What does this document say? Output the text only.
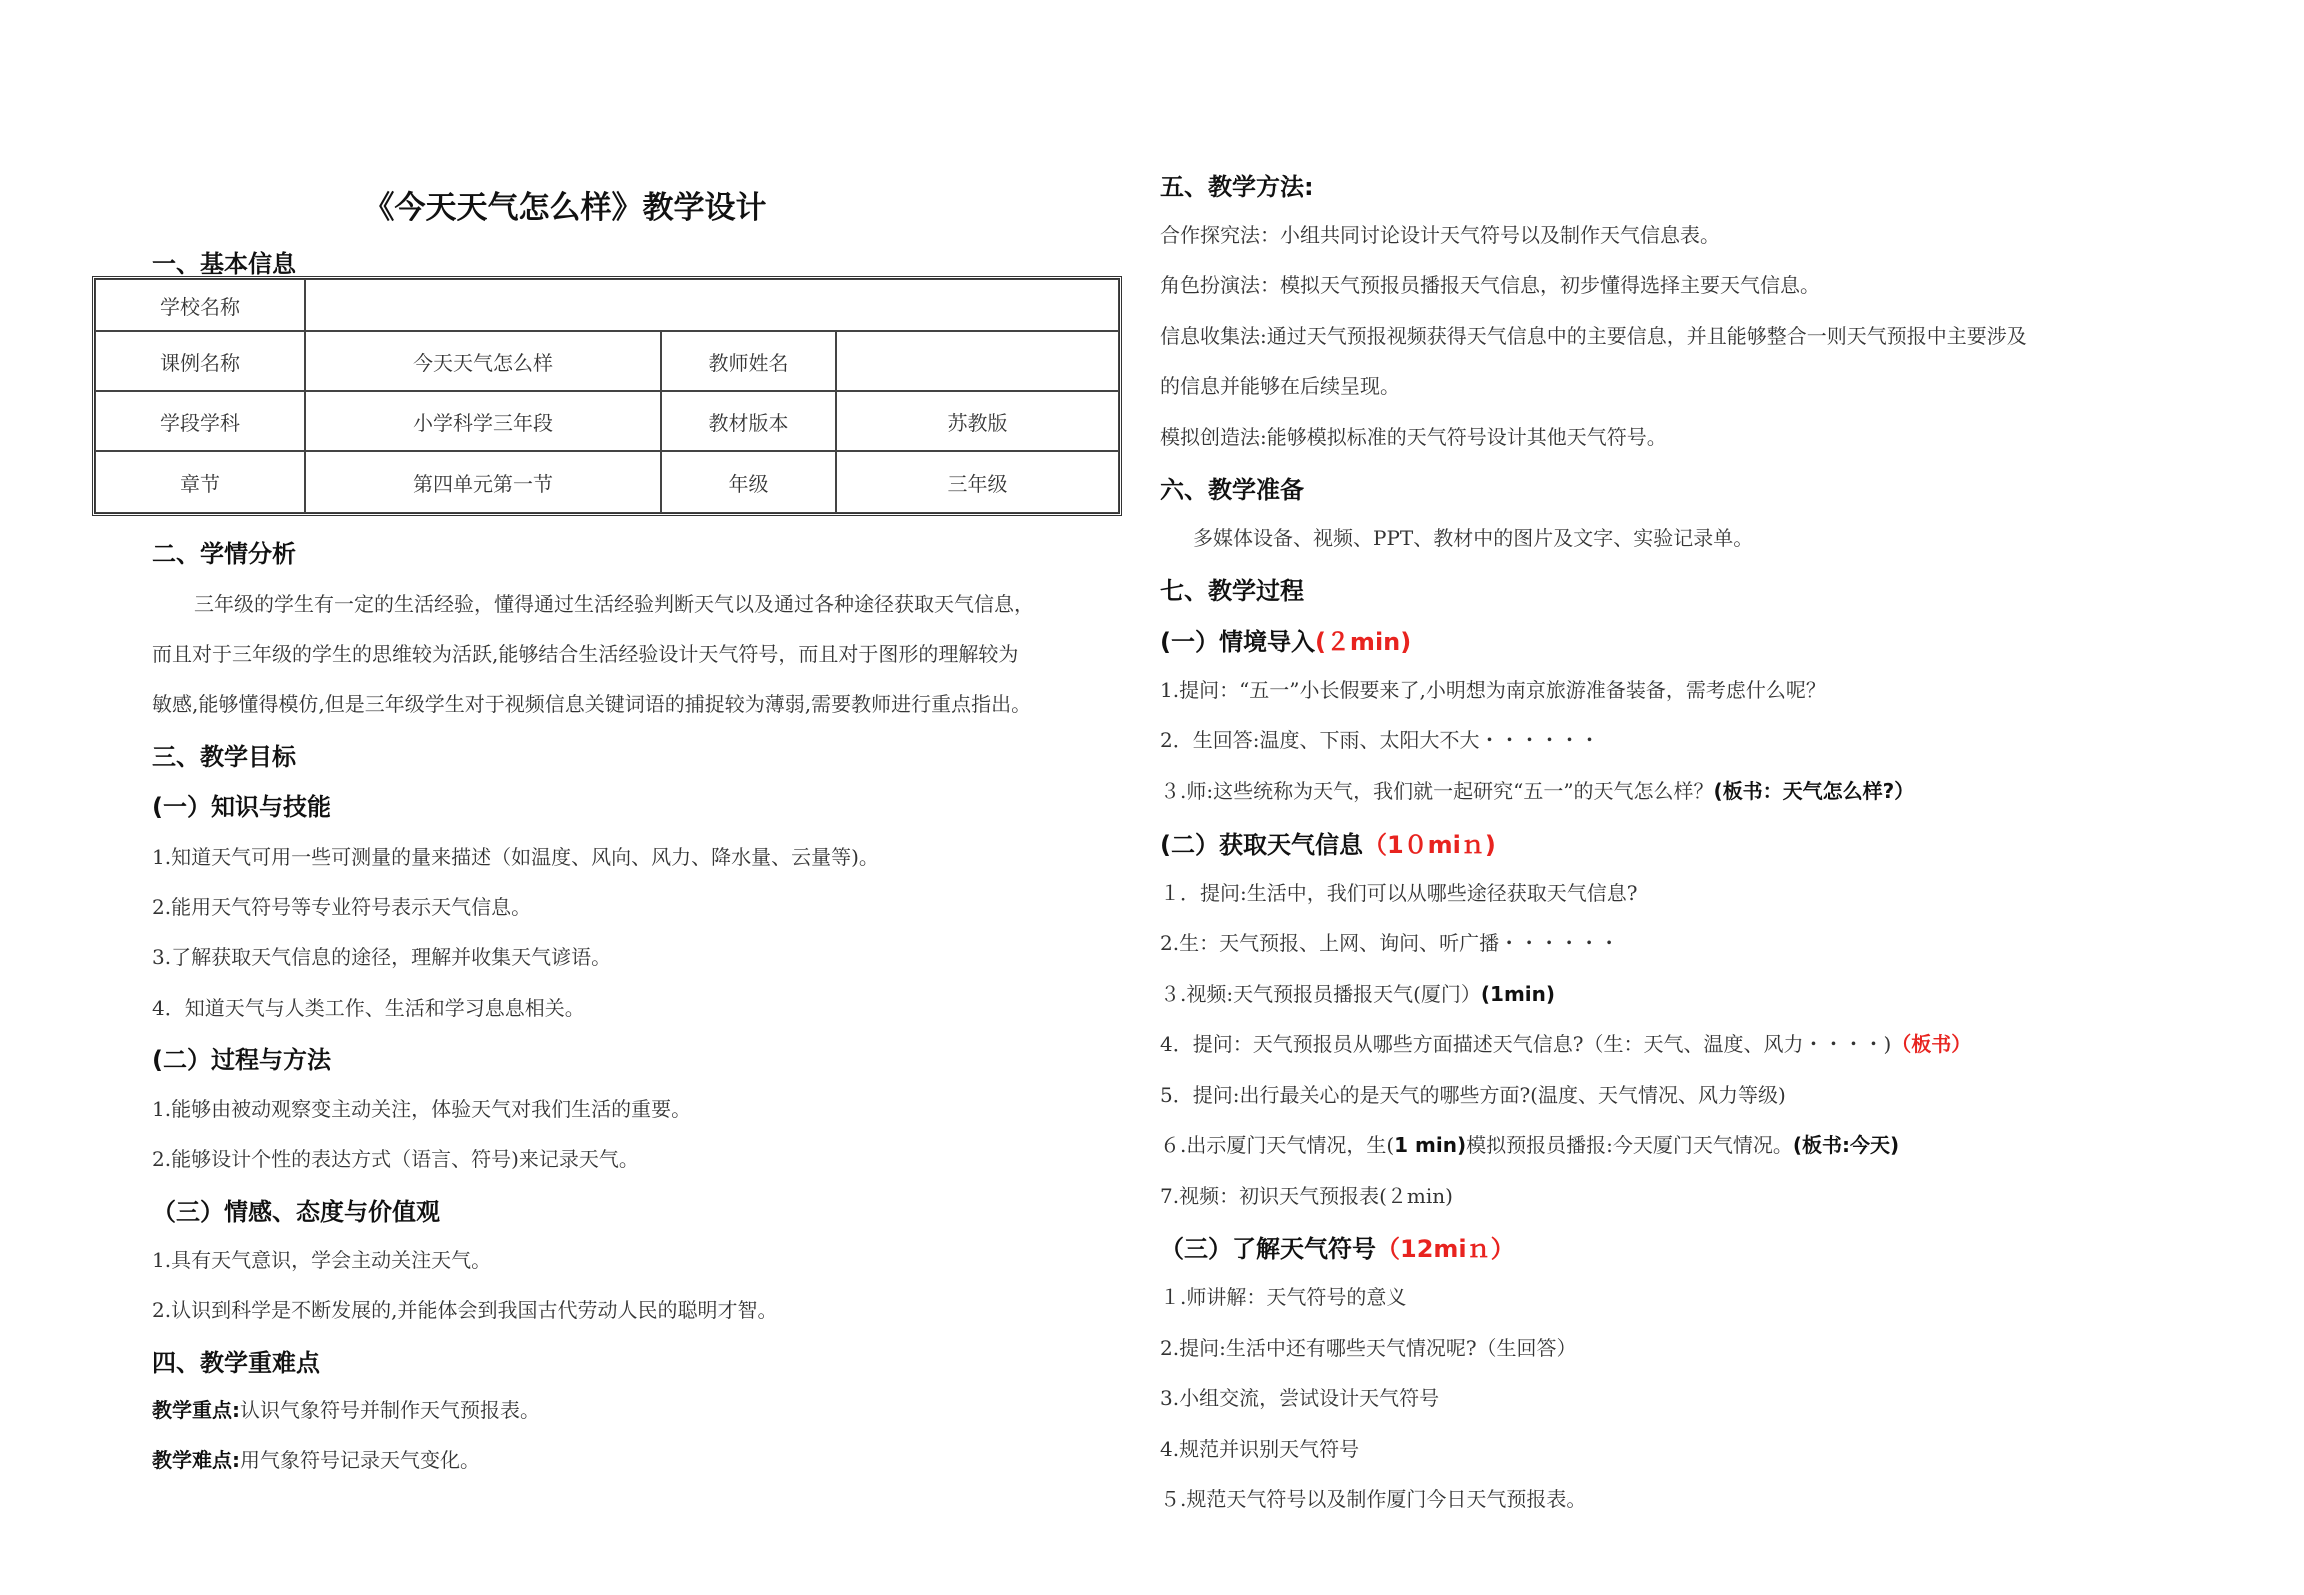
《今天天气怎么样》教学设计
一、基本信息
学校名称			
课例名称	今天天气怎么样	教师姓名	
学段学科	小学科学三年段	教材版本	苏教版
章节	第四单元第一节	年级	三年级
二、学情分析
三年级的学生有一定的生活经验，懂得通过生活经验判断天气以及通过各种途径获取天气信息，
而且对于三年级的学生的思维较为活跃,能够结合生活经验设计天气符号，而且对于图形的理解较为
敏感,能够懂得模仿,但是三年级学生对于视频信息关键词语的捕捉较为薄弱,需要教师进行重点指出。
三、教学目标
(一）知识与技能
1.知道天气可用一些可测量的量来描述（如温度、风向、风力、降水量、云量等)。
2.能用天气符号等专业符号表示天气信息。
3.了解获取天气信息的途径，理解并收集天气谚语。
4．知道天气与人类工作、生活和学习息息相关。
(二）过程与方法
1.能够由被动观察变主动关注，体验天气对我们生活的重要。
2.能够设计个性的表达方式（语言、符号)来记录天气。
（三）情感、态度与价值观
1.具有天气意识，学会主动关注天气。
2.认识到科学是不断发展的,并能体会到我国古代劳动人民的聪明才智。
四、教学重难点
教学重点:认识气象符号并制作天气预报表。
教学难点:用气象符号记录天气变化。
五、教学方法:
合作探究法：小组共同讨论设计天气符号以及制作天气信息表。
角色扮演法：模拟天气预报员播报天气信息，初步懂得选择主要天气信息。
信息收集法:通过天气预报视频获得天气信息中的主要信息，并且能够整合一则天气预报中主要涉及
的信息并能够在后续呈现。
模拟创造法:能够模拟标准的天气符号设计其他天气符号。
六、教学准备
多媒体设备、视频、PPT、教材中的图片及文字、实验记录单。
七、教学过程
(一）情境导入(２min)
1.提问：“五一”小长假要来了,小明想为南京旅游准备装备，需考虑什么呢？
2．生回答:温度、下雨、太阳大不大・・・・・・
３.师:这些统称为天气，我们就一起研究“五一”的天气怎么样？(板书：天气怎么样?）
(二）获取天气信息（1０miｎ)
１．提问:生活中，我们可以从哪些途径获取天气信息?
2.生：天气预报、上网、询问、听广播・・・・・・
３.视频:天气预报员播报天气(厦门）(1min)
4．提问：天气预报员从哪些方面描述天气信息?（生：天气、温度、风力・・・・)（板书）
5．提问:出行最关心的是天气的哪些方面?(温度、天气情况、风力等级)
６.出示厦门天气情况，生(1 min)模拟预报员播报:今天厦门天气情况。(板书:今天)
7.视频：初识天气预报表(２min)
（三）了解天气符号（12miｎ）
１.师讲解：天气符号的意义
2.提问:生活中还有哪些天气情况呢?（生回答）
3.小组交流，尝试设计天气符号
4.规范并识别天气符号
５.规范天气符号以及制作厦门今日天气预报表。
